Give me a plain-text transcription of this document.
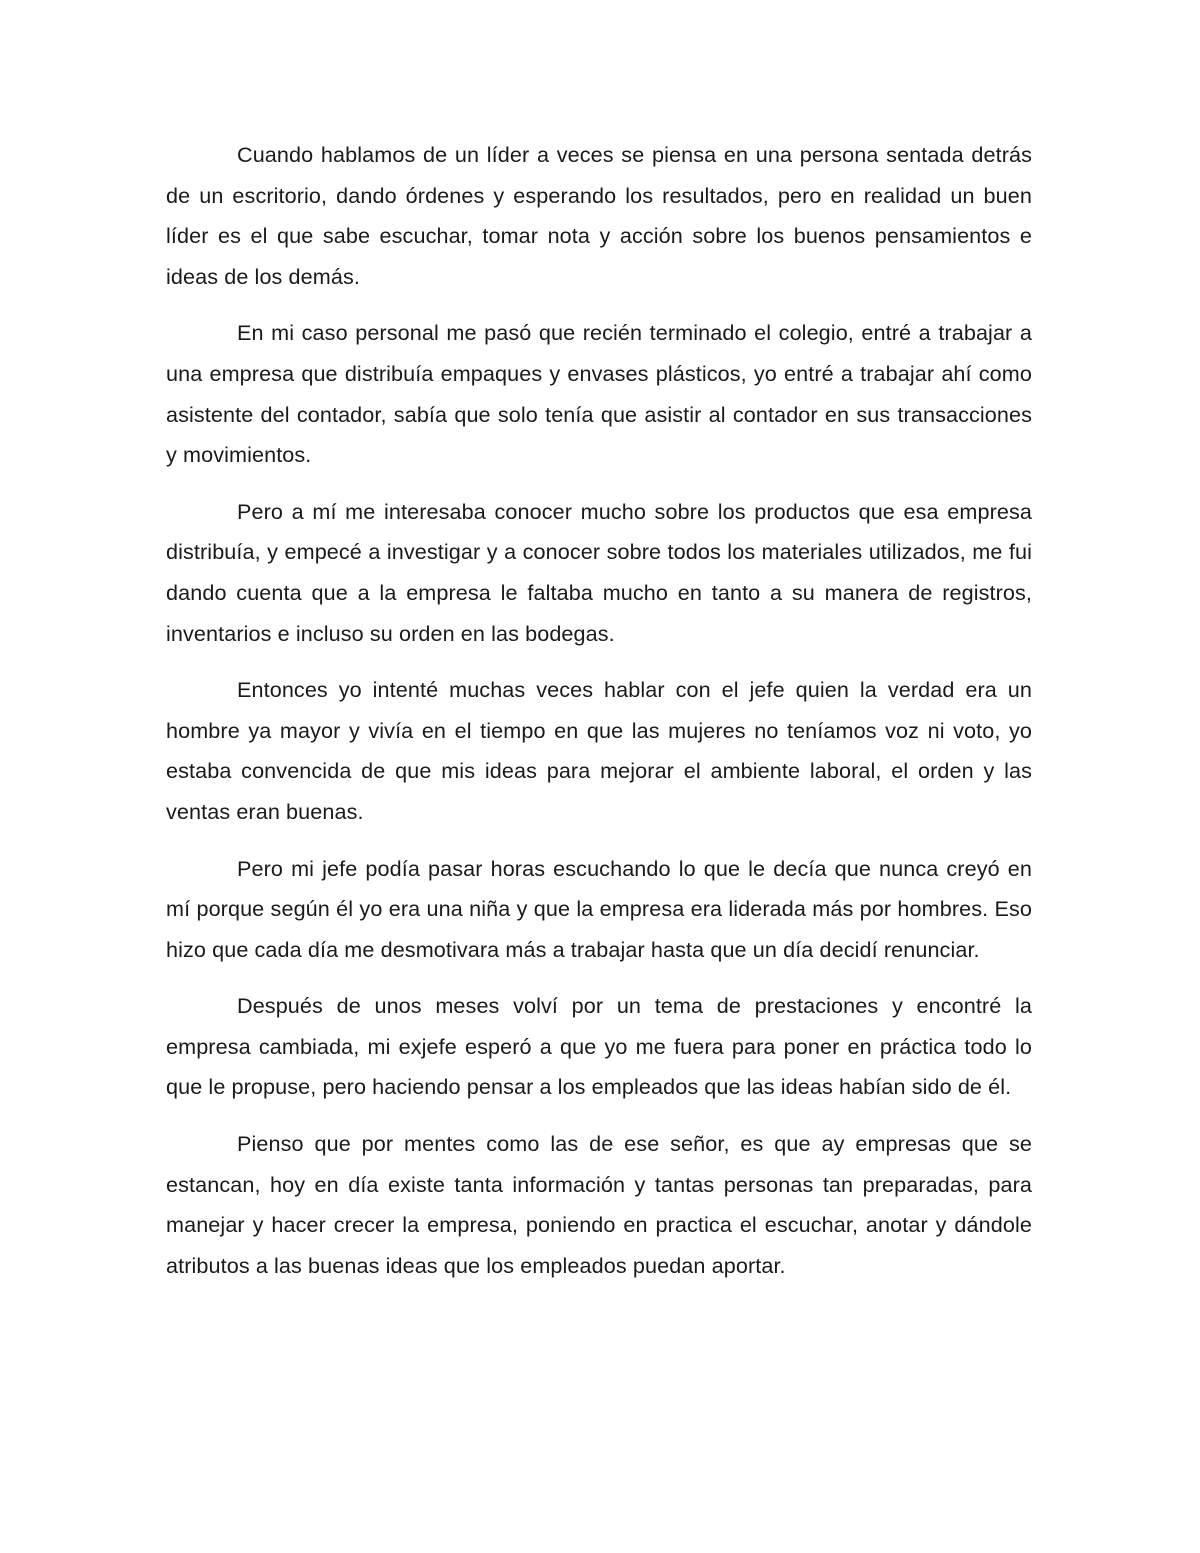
Cuando hablamos de un líder a veces se piensa en una persona sentada detrás de un escritorio, dando órdenes y esperando los resultados, pero en realidad un buen líder es el que sabe escuchar, tomar nota y acción sobre los buenos pensamientos e ideas de los demás.

En mi caso personal me pasó que recién terminado el colegio, entré a trabajar a una empresa que distribuía empaques y envases plásticos, yo entré a trabajar ahí como asistente del contador, sabía que solo tenía que asistir al contador en sus transacciones y movimientos.

Pero a mí me interesaba conocer mucho sobre los productos que esa empresa distribuía, y empecé a investigar y a conocer sobre todos los materiales utilizados, me fui dando cuenta que a la empresa le faltaba mucho en tanto a su manera de registros, inventarios e incluso su orden en las bodegas.

Entonces yo intenté muchas veces hablar con el jefe quien la verdad era un hombre ya mayor y vivía en el tiempo en que las mujeres no teníamos voz ni voto, yo estaba convencida de que mis ideas para mejorar el ambiente laboral, el orden y las ventas eran buenas.

Pero mi jefe podía pasar horas escuchando lo que le decía que nunca creyó en mí porque según él yo era una niña y que la empresa era liderada más por hombres. Eso hizo que cada día me desmotivara más a trabajar hasta que un día decidí renunciar.

Después de unos meses volví por un tema de prestaciones y encontré la empresa cambiada, mi exjefe esperó a que yo me fuera para poner en práctica todo lo que le propuse, pero haciendo pensar a los empleados que las ideas habían sido de él.

Pienso que por mentes como las de ese señor, es que ay empresas que se estancan, hoy en día existe tanta información y tantas personas tan preparadas, para manejar y hacer crecer la empresa, poniendo en practica el escuchar, anotar y dándole atributos a las buenas ideas que los empleados puedan aportar.
